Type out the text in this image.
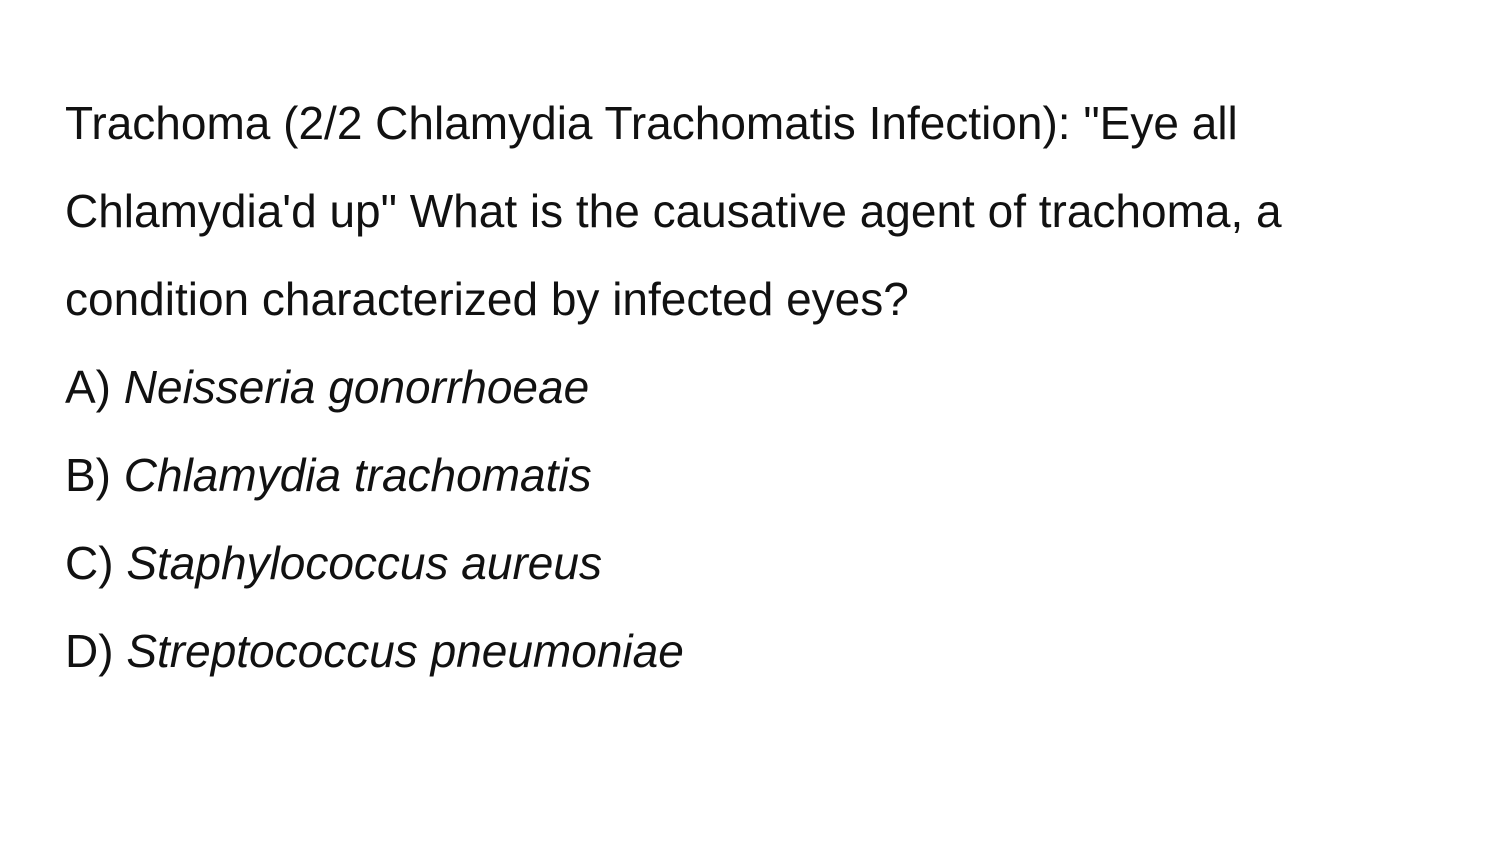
Trachoma (2/2 Chlamydia Trachomatis Infection): "Eye all Chlamydia'd up" What is the causative agent of trachoma, a condition characterized by infected eyes?

A) Neisseria gonorrhoeae
B) Chlamydia trachomatis
C) Staphylococcus aureus
D) Streptococcus pneumoniae
